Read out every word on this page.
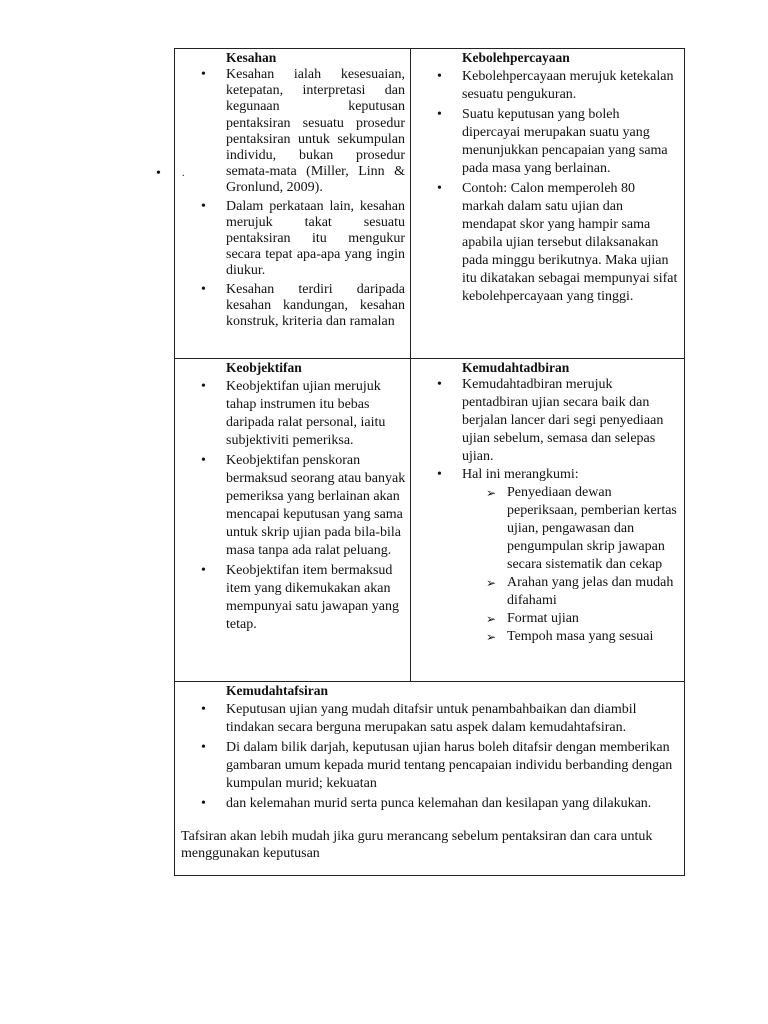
• .
Kesahan
• Kesahan ialah kesesuaian, ketepatan, interpretasi dan kegunaan keputusan pentaksiran sesuatu prosedur pentaksiran untuk sekumpulan individu, bukan prosedur semata-mata (Miller, Linn & Gronlund, 2009).
• Dalam perkataan lain, kesahan merujuk takat sesuatu pentaksiran itu mengukur secara tepat apa-apa yang ingin diukur.
• Kesahan terdiri daripada kesahan kandungan, kesahan konstruk, kriteria dan ramalan
Kebolehpercayaan
• Kebolehpercayaan merujuk ketekalan sesuatu pengukuran.
• Suatu keputusan yang boleh dipercayai merupakan suatu yang menunjukkan pencapaian yang sama pada masa yang berlainan.
• Contoh: Calon memperoleh 80 markah dalam satu ujian dan mendapat skor yang hampir sama apabila ujian tersebut dilaksanakan pada minggu berikutnya. Maka ujian itu dikatakan sebagai mempunyai sifat kebolehpercayaan yang tinggi.
Keobjektifan
• Keobjektifan ujian merujuk tahap instrumen itu bebas daripada ralat personal, iaitu subjektiviti pemeriksa.
• Keobjektifan penskoran bermaksud seorang atau banyak pemeriksa yang berlainan akan mencapai keputusan yang sama untuk skrip ujian pada bila-bila masa tanpa ada ralat peluang.
• Keobjektifan item bermaksud item yang dikemukakan akan mempunyai satu jawapan yang tetap.
Kemudahtadbiran
• Kemudahtadbiran merujuk pentadbiran ujian secara baik dan berjalan lancer dari segi penyediaan ujian sebelum, semasa dan selepas ujian.
• Hal ini merangkumi:
➢ Penyediaan dewan peperiksaan, pemberian kertas ujian, pengawasan dan pengumpulan skrip jawapan secara sistematik dan cekap
➢ Arahan yang jelas dan mudah difahami
➢ Format ujian
➢ Tempoh masa yang sesuai
Kemudahtafsiran
• Keputusan ujian yang mudah ditafsir untuk penambahbaikan dan diambil tindakan secara berguna merupakan satu aspek dalam kemudahtafsiran.
• Di dalam bilik darjah, keputusan ujian harus boleh ditafsir dengan memberikan gambaran umum kepada murid tentang pencapaian individu berbanding dengan kumpulan murid; kekuatan
• dan kelemahan murid serta punca kelemahan dan kesilapan yang dilakukan.
Tafsiran akan lebih mudah jika guru merancang sebelum pentaksiran dan cara untuk menggunakan keputusan
